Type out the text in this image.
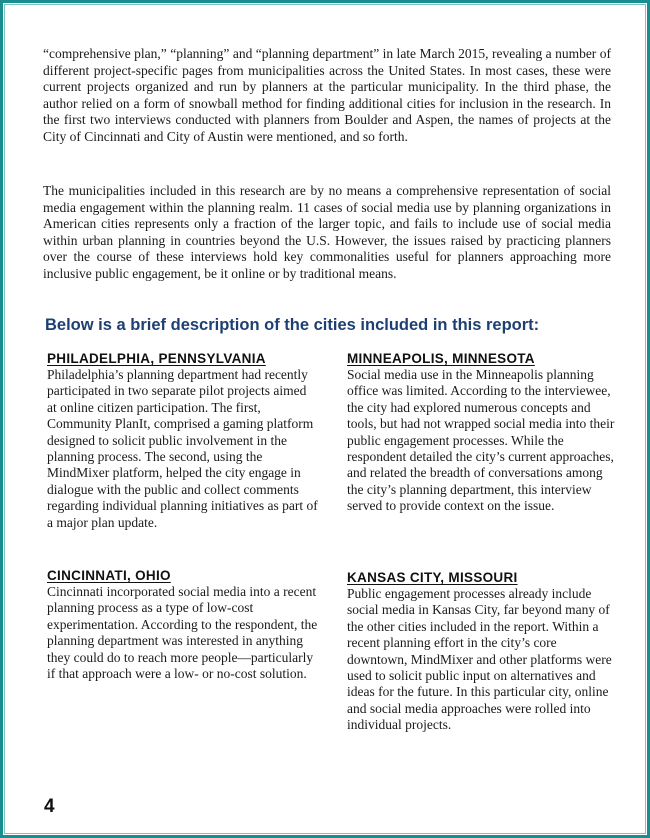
“comprehensive plan,” “planning” and “planning department” in late March 2015, revealing a number of different project-specific pages from municipalities across the United States. In most cases, these were current projects organized and run by planners at the particular municipality. In the third phase, the author relied on a form of snowball method for finding additional cities for inclusion in the research. In the first two interviews conducted with planners from Boulder and Aspen, the names of projects at the City of Cincinnati and City of Austin were mentioned, and so forth.

The municipalities included in this research are by no means a comprehensive representation of social media engagement within the planning realm. 11 cases of social media use by planning organizations in American cities represents only a fraction of the larger topic, and fails to include use of social media within urban planning in countries beyond the U.S. However, the issues raised by practicing planners over the course of these interviews hold key commonalities useful for planners approaching more inclusive public engagement, be it online or by traditional means.

Below is a brief description of the cities included in this report:
PHILADELPHIA, PENNSYLVANIA

Philadelphia’s planning department had recently participated in two separate pilot projects aimed at online citizen participation. The first, Community PlanIt, comprised a gaming platform designed to solicit public involvement in the planning process. The second, using the MindMixer platform, helped the city engage in dialogue with the public and collect comments regarding individual planning initiatives as part of a major plan update.

MINNEAPOLIS, MINNESOTA

Social media use in the Minneapolis planning office was limited. According to the interviewee, the city had explored numerous concepts and tools, but had not wrapped social media into their public engagement processes. While the respondent detailed the city’s current approaches, and related the breadth of conversations among the city’s planning department, this interview served to provide context on the issue.

CINCINNATI, OHIO

Cincinnati incorporated social media into a recent planning process as a type of low-cost experimentation. According to the respondent, the planning department was interested in anything they could do to reach more people—particularly if that approach were a low- or no-cost solution.

KANSAS CITY, MISSOURI

Public engagement processes already include social media in Kansas City, far beyond many of the other cities included in the report. Within a recent planning effort in the city’s core downtown, MindMixer and other platforms were used to solicit public input on alternatives and ideas for the future. In this particular city, online and social media approaches were rolled into individual projects.

4
